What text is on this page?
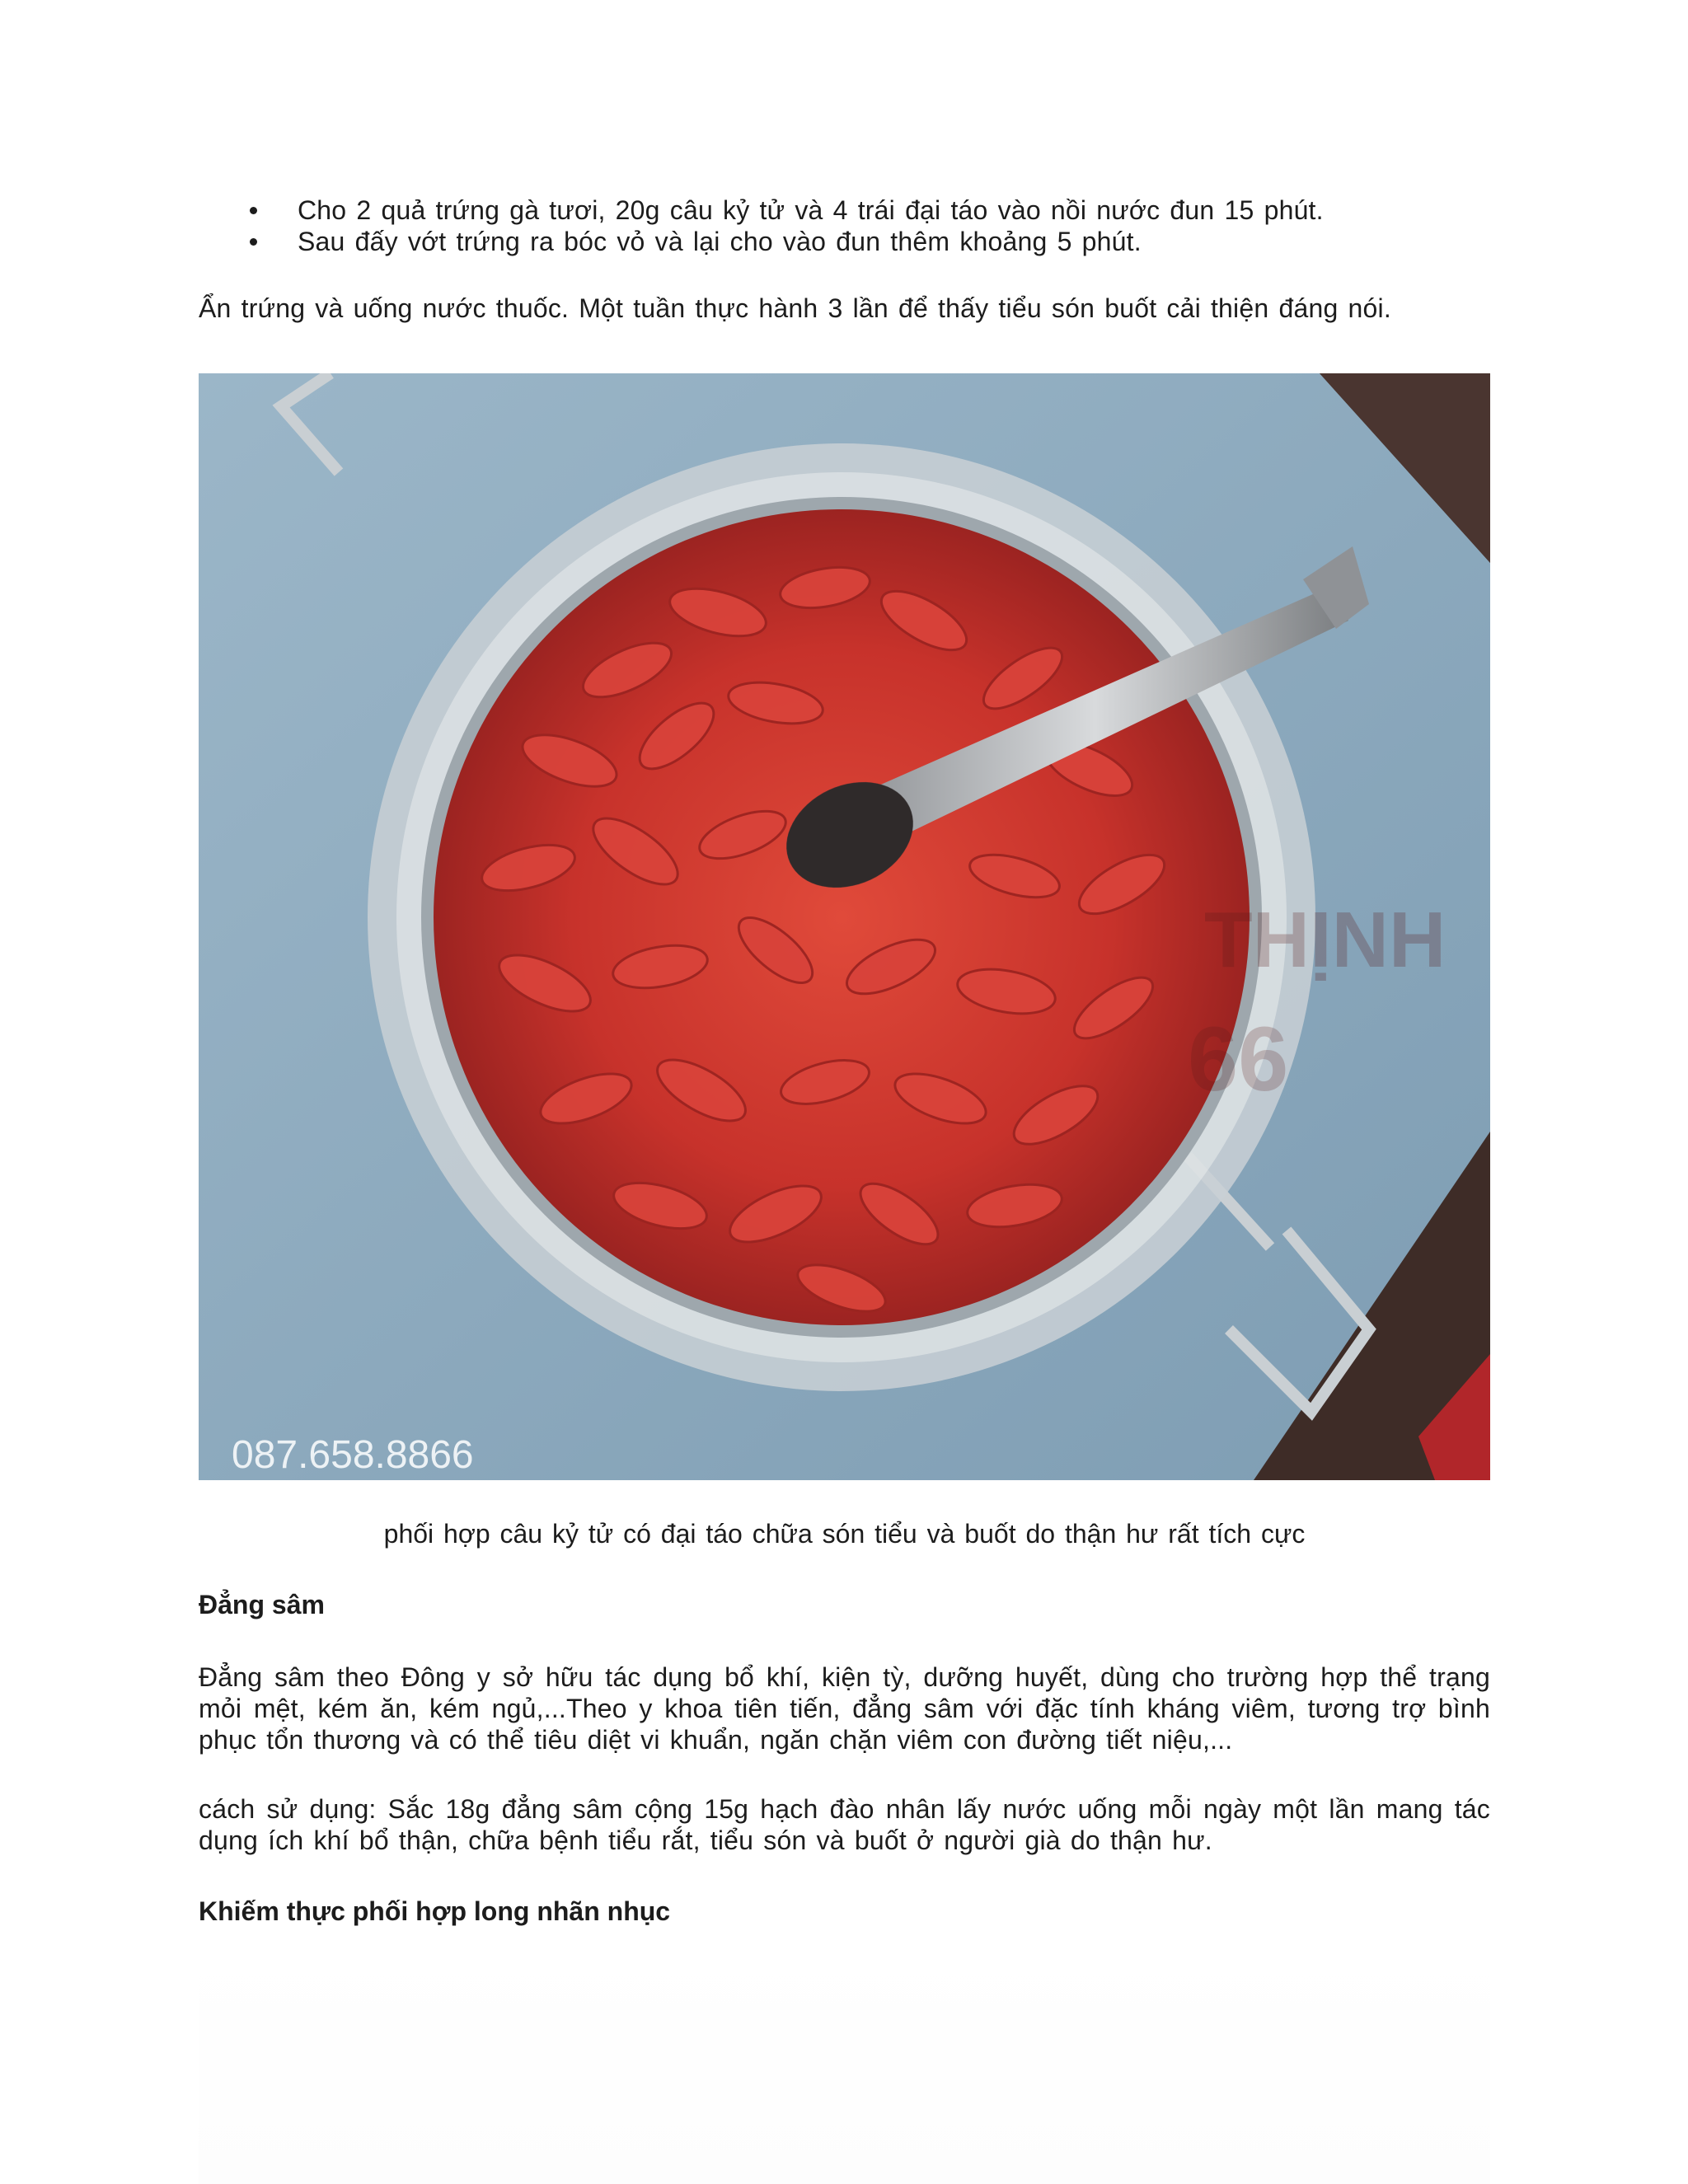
Cho 2 quả trứng gà tươi, 20g câu kỷ tử và 4 trái đại táo vào nồi nước đun 15 phút.
Sau đấy vớt trứng ra bóc vỏ và lại cho vào đun thêm khoảng 5 phút.

Ẩn trứng và uống nước thuốc. Một tuần thực hành 3 lần để thấy tiểu són buốt cải thiện đáng nói.

087.658.8866
THỊNH
66
phối hợp câu kỷ tử có đại táo chữa són tiểu và buốt do thận hư rất tích cực
Đẳng sâm

Đẳng sâm theo Đông y sở hữu tác dụng bổ khí, kiện tỳ, dưỡng huyết, dùng cho trường hợp thể trạng mỏi mệt, kém ăn, kém ngủ,...Theo y khoa tiên tiến, đẳng sâm với đặc tính kháng viêm, tương trợ bình phục tổn thương và có thể tiêu diệt vi khuẩn, ngăn chặn viêm con đường tiết niệu,...

cách sử dụng: Sắc 18g đẳng sâm cộng 15g hạch đào nhân lấy nước uống mỗi ngày một lần mang tác dụng ích khí bổ thận, chữa bệnh tiểu rắt, tiểu són và buốt ở người già do thận hư.

Khiếm thực phối hợp long nhãn nhục
